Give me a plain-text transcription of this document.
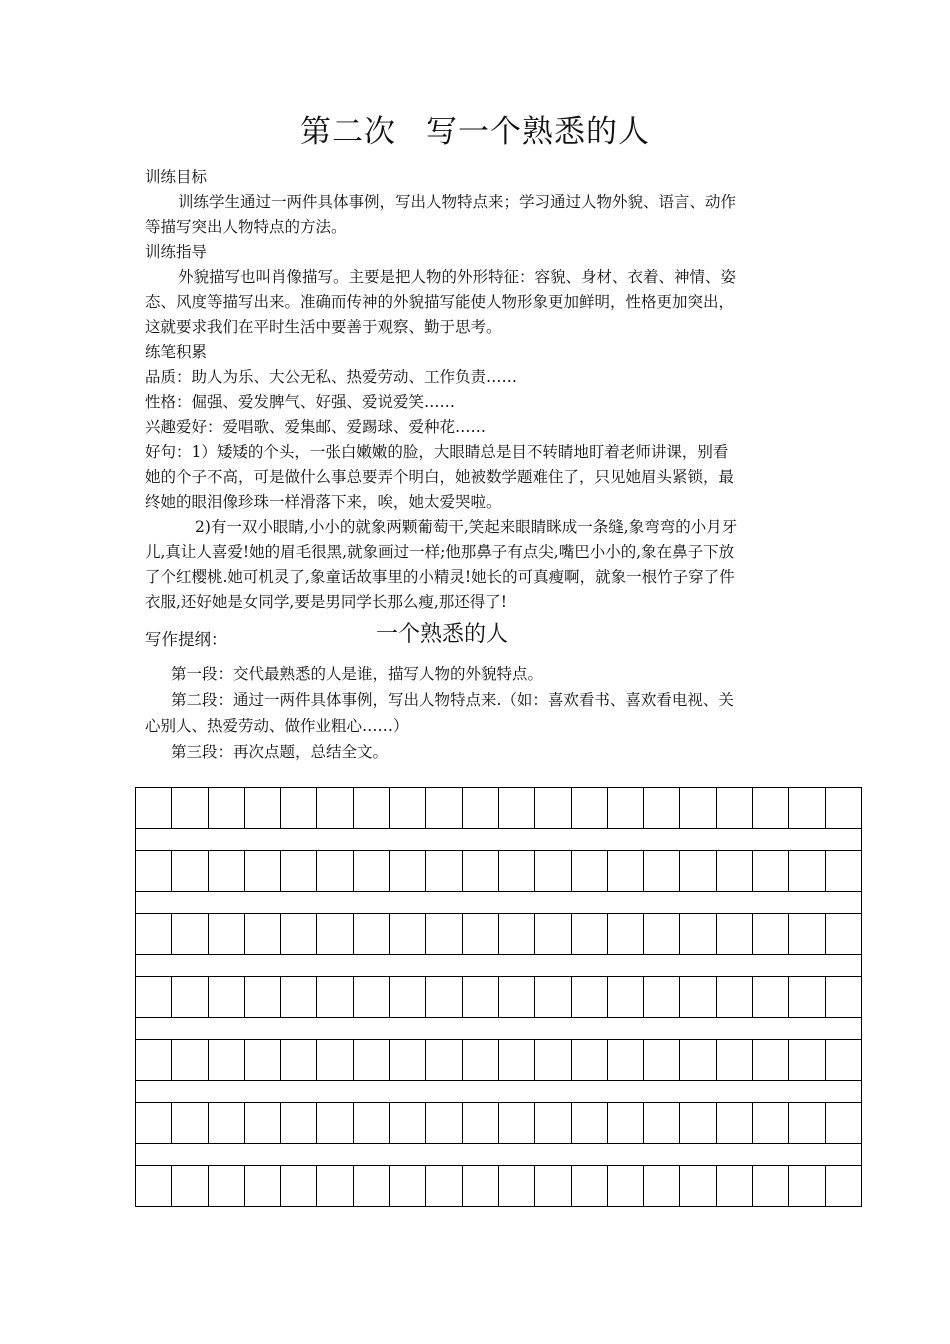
第二次 写一个熟悉的人
训练目标
训练学生通过一两件具体事例，写出人物特点来；学习通过人物外貌、语言、动作
等描写突出人物特点的方法。
训练指导
外貌描写也叫肖像描写。主要是把人物的外形特征：容貌、身材、衣着、神情、姿
态、风度等描写出来。准确而传神的外貌描写能使人物形象更加鲜明，性格更加突出，
这就要求我们在平时生活中要善于观察、勤于思考。
练笔积累
品质：助人为乐、大公无私、热爱劳动、工作负责……
性格：倔强、爱发脾气、好强、爱说爱笑……
兴趣爱好：爱唱歌、爱集邮、爱踢球、爱种花……
好句：1）矮矮的个头，一张白嫩嫩的脸，大眼睛总是目不转睛地盯着老师讲课，别看
她的个子不高，可是做什么事总要弄个明白，她被数学题难住了，只见她眉头紧锁，最
终她的眼泪像珍珠一样滑落下来，唉，她太爱哭啦。
2)有一双小眼睛,小小的就象两颗葡萄干,笑起来眼睛眯成一条缝,象弯弯的小月牙
儿,真让人喜爱!她的眉毛很黑,就象画过一样;他那鼻子有点尖,嘴巴小小的,象在鼻子下放
了个红樱桃.她可机灵了,象童话故事里的小精灵!她长的可真瘦啊，就象一根竹子穿了件
衣服,还好她是女同学,要是男同学长那么瘦,那还得了!
写作提纲：	一个熟悉的人
第一段：交代最熟悉的人是谁，描写人物的外貌特点。
第二段：通过一两件具体事例，写出人物特点来.（如：喜欢看书、喜欢看电视、关
心别人、热爱劳动、做作业粗心……）
第三段：再次点题，总结全文。
